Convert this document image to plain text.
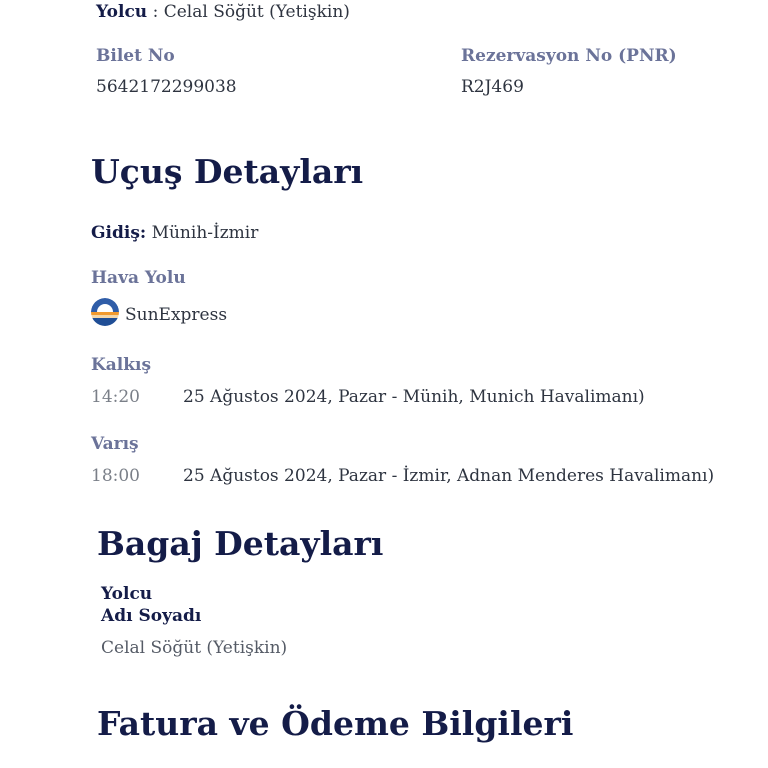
Yolcu : Celal Söğüt (Yetişkin)
Bilet No
5642172299038
Rezervasyon No (PNR)
R2J469
Uçuş Detayları
Gidiş: Münih-İzmir
Hava Yolu
SunExpress
Kalkış
14:20	25 Ağustos 2024, Pazar - Münih, Munich Havalimanı)
Varış
18:00	25 Ağustos 2024, Pazar - İzmir, Adnan Menderes Havalimanı)
Bagaj Detayları
Yolcu
Adı Soyadı
Celal Söğüt (Yetişkin)
Fatura ve Ödeme Bilgileri
